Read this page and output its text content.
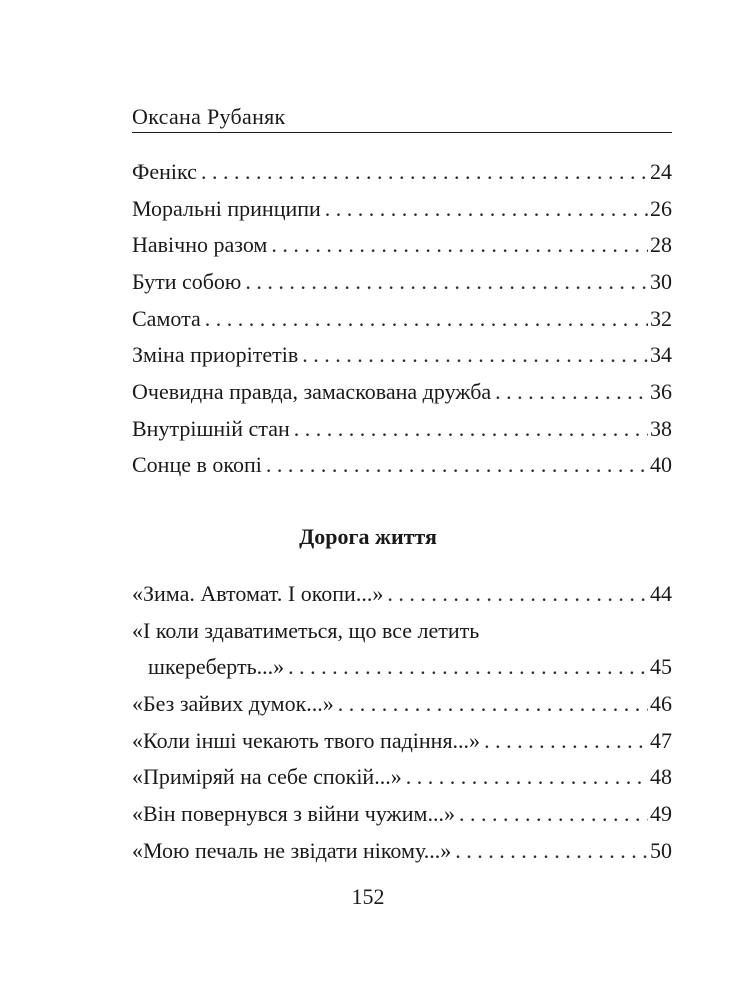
Оксана Рубаняк
Фенікс . . .	24
Моральні принципи . . .	26
Навічно разом . . .	28
Бути собою . . .	30
Самота . . .	32
Зміна приорітетів . . .	34
Очевидна правда, замаскована дружба . . .	36
Внутрішній стан . . .	38
Сонце в окопі . . .	40
Дорога життя
«Зима. Автомат. І окопи...» . . .	44
«І коли здаватиметься, що все летить
шкереберть...» . . .	45
«Без зайвих думок...» . . .	46
«Коли інші чекають твого падіння...» . . .	47
«Приміряй на себе спокій...» . . .	48
«Він повернувся з війни чужим...» . . .	49
«Мою печаль не звідати нікому...» . . .	50
152
